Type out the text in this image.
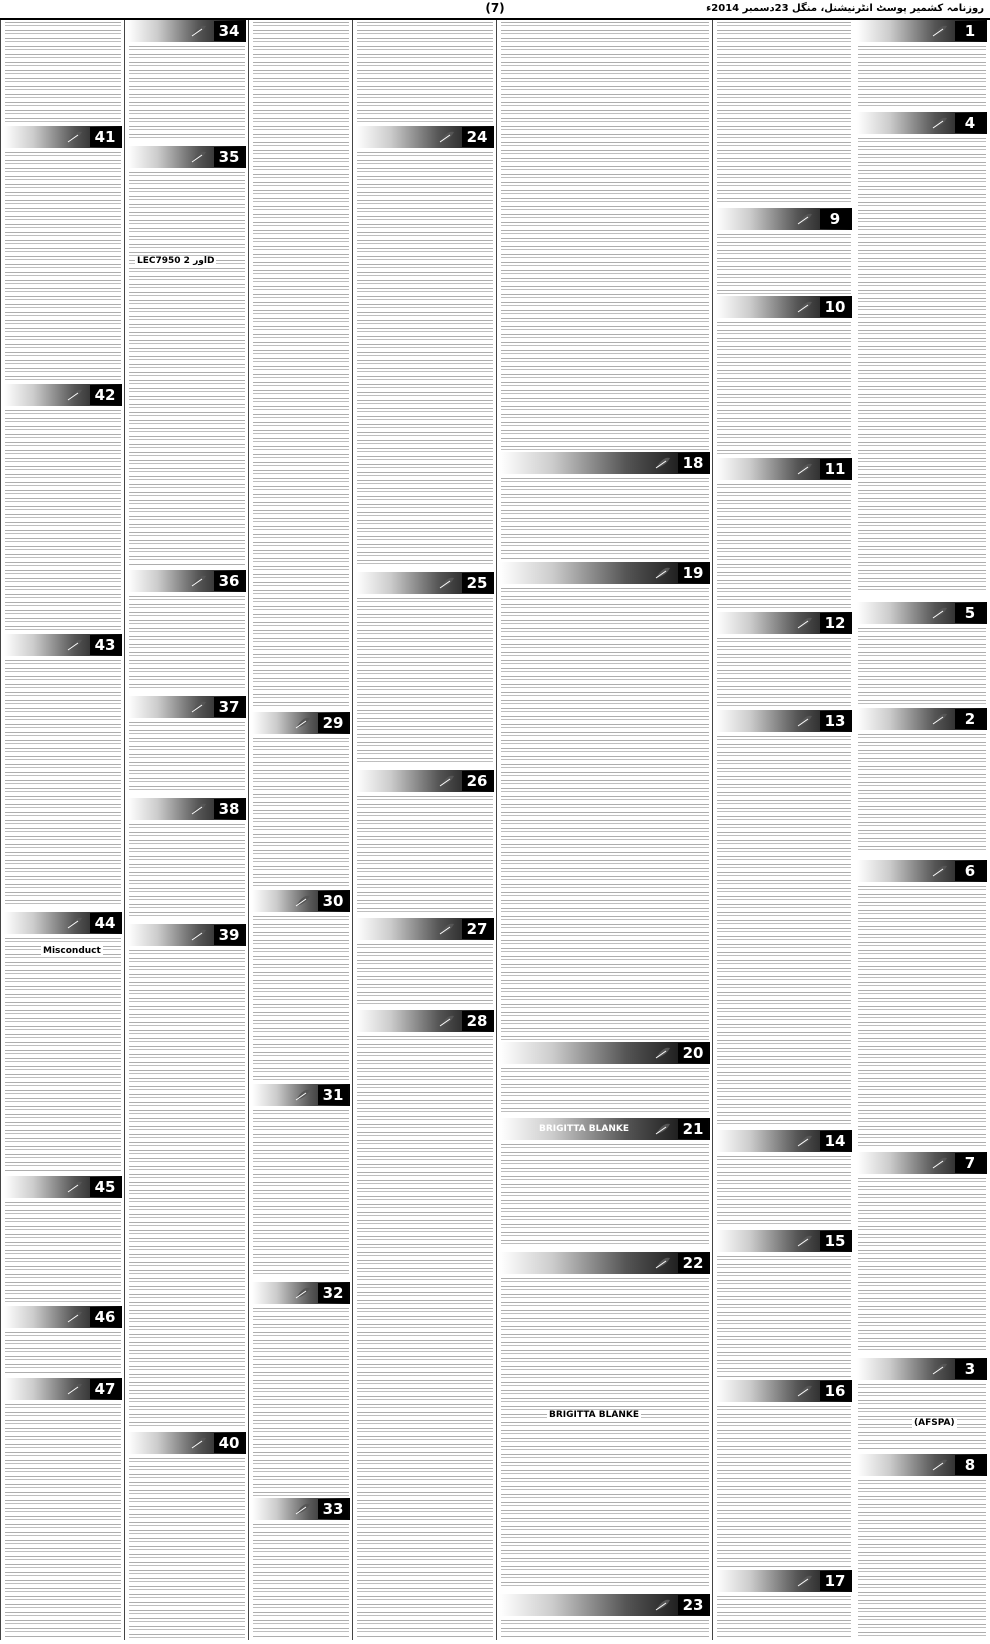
(7)	روزنامہ کشمیر پوسٹ انٹرنیشنل، منگل 23دسمبر 2014ء
1
4
5
2
6
7
3
(AFSPA)
8
9
10
11
12
13
14
15
16
17
18
19
20
21
BRIGITTA BLANKE
22
BRIGITTA BLANKE
23
24
25
26
27
28
29
30
31
32
33
34
35
LEC7950 اور 2D
36
37
38
39
40
41
42
43
44
Misconduct
45
46
47
